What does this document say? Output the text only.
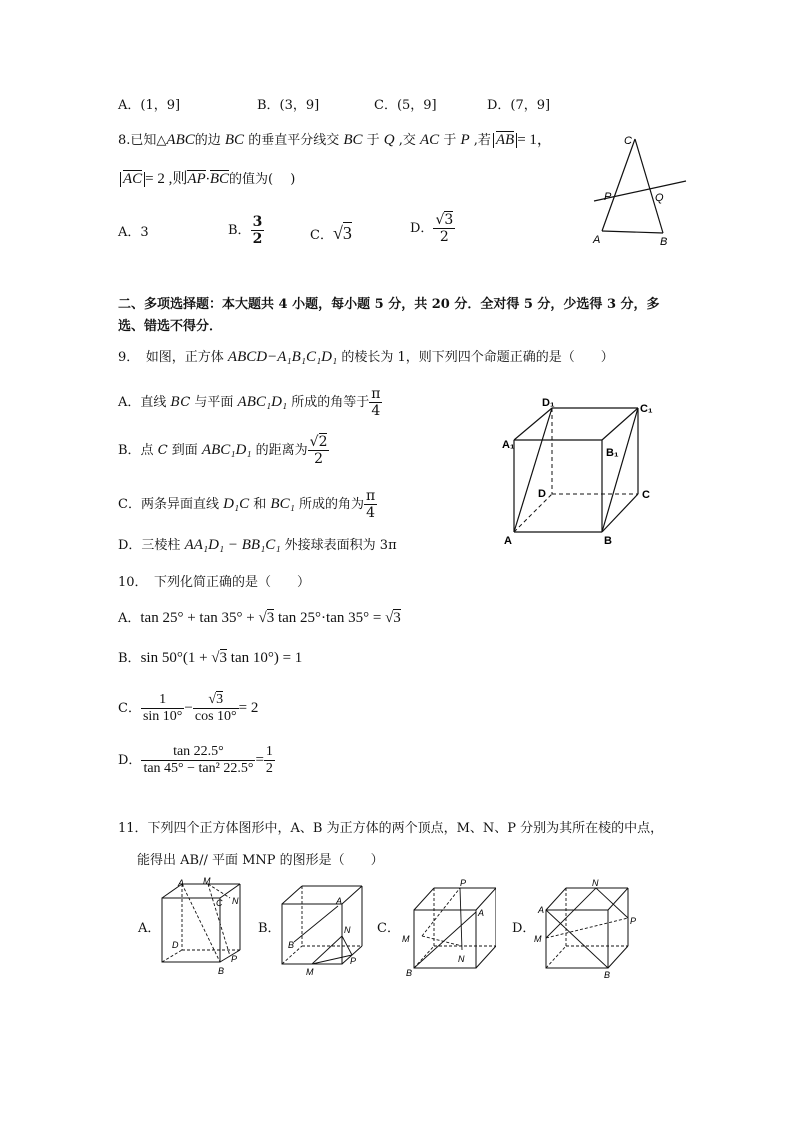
A．(1，9]	B．(3，9]	C．(5，9]	D．(7，9]
8.已知△ABC的边 BC 的垂直平分线交 BC 于 Q ,交 AC 于 P ,若 AB = 1，
AC = 2 ,则AP·BC的值为(　 )
A．3	B． $\frac{3}{2}$	C．√3	D． $\frac{√3}{2}$
C
P	Q
A	B
二、多项选择题：本大题共 4 小题，每小题 5 分，共 20 分．全对得 5 分，少选得 3 分，多
选、错选不得分．
9．　如图，正方体 ABCD−A₁B₁C₁D₁ 的棱长为 1，则下列四个命题正确的是（　　）
A．直线 BC 与平面 ABC₁D₁ 所成的角等于 $\frac{\pi}{4}$
B．点 C 到面 ABC₁D₁ 的距离为 $\frac{√2}{2}$
C．两条异面直线 D₁C 和 BC₁ 所成的角为 $\frac{\pi}{4}$
D．三棱柱 AA₁D₁ − BB₁C₁ 外接球表面积为 3π
D₁	C₁
A₁
B₁
D	C
A	B
10．　下列化简正确的是（　　）
A．tan 25° + tan 35° + √3 tan 25°·tan 35° = √3
B．sin 50°(1 + √3 tan 10°) = 1
C． $\frac{1}{\sin 10^\circ} - \frac{√3}{\cos 10^\circ} = 2$
D． $\frac{\tan 22.5^\circ}{\text{tan 45° − tan² 22.5°}} = \frac{1}{2}$
11．下列四个正方体图形中，A、B 为正方体的两个顶点，M、N、P 分别为其所在棱的中点，
能得出 AB// 平面 MNP 的图形是（　　）
A．	B．	C．	D．
A M
C N
D
P
B
A
N
B
P
M
P
A
M
N
B
N
A
P
M
B
